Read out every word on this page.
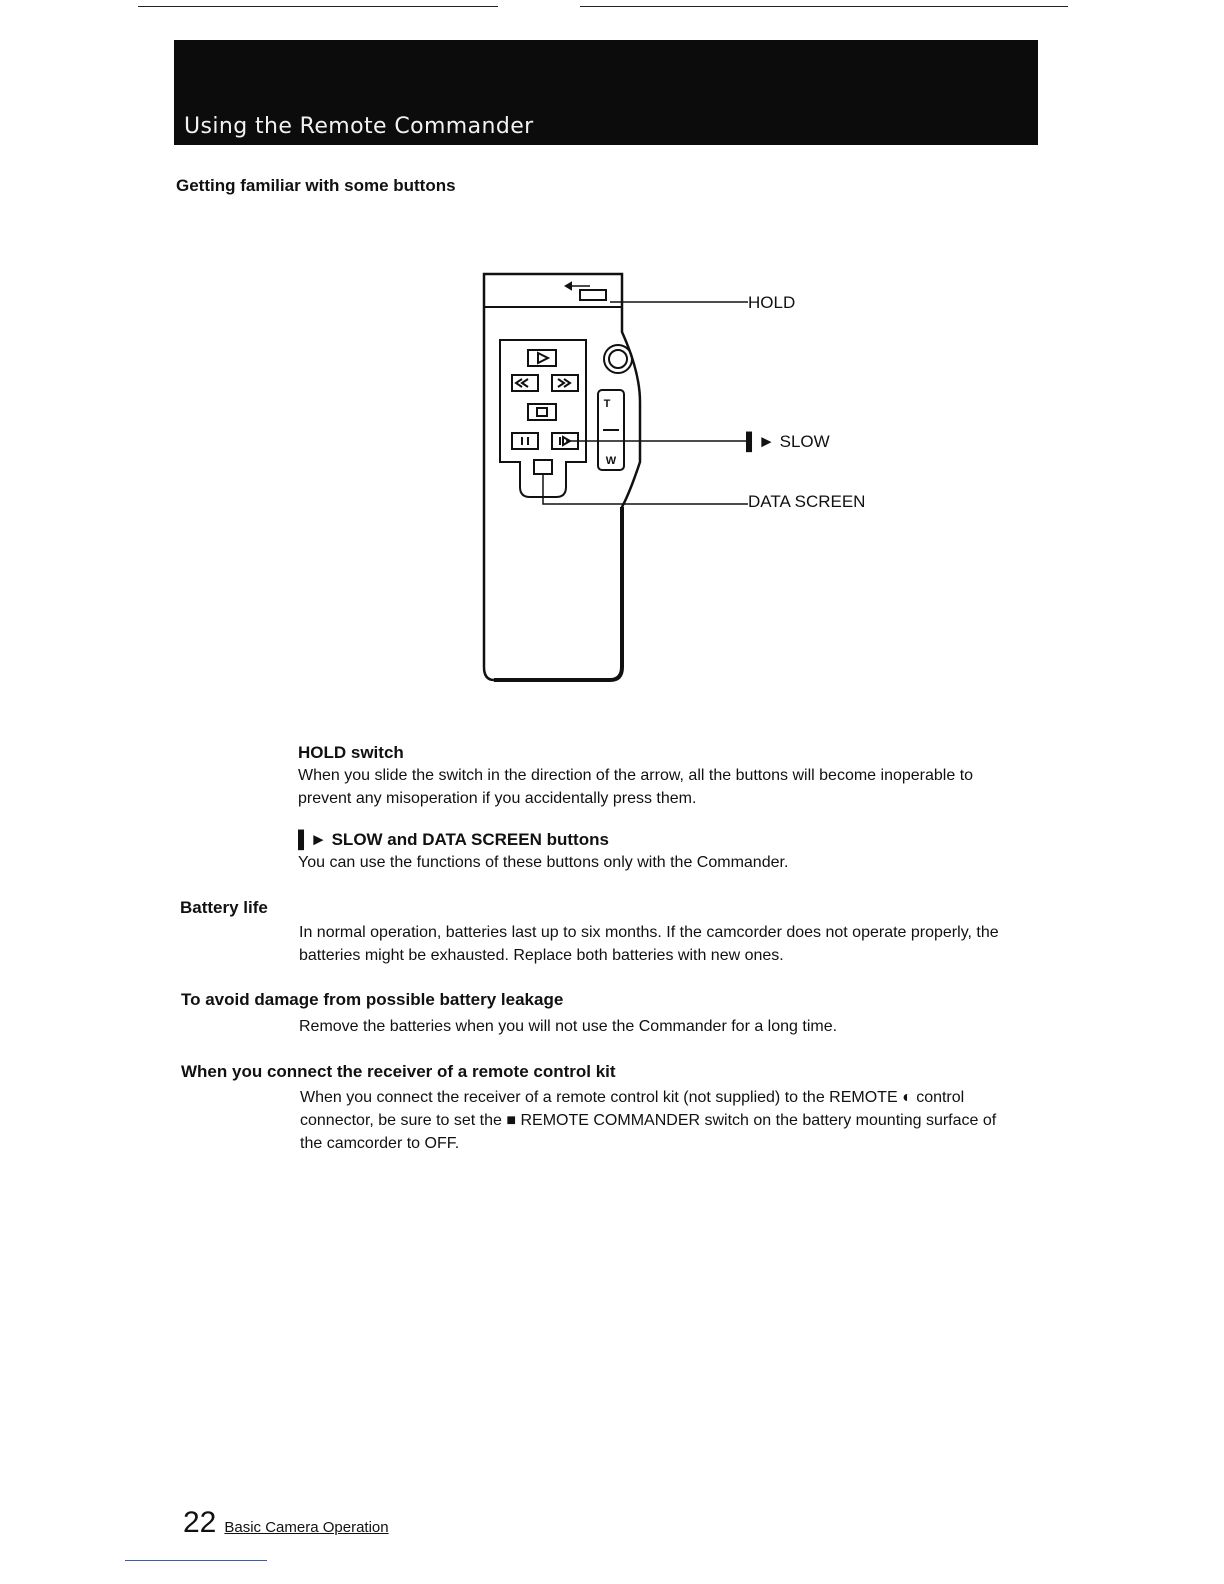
Using the Remote Commander
Getting familiar with some buttons
T
W
HOLD
▌► SLOW
DATA SCREEN
HOLD switch
When you slide the switch in the direction of the arrow, all the buttons will become inoperable to prevent any misoperation if you accidentally press them.
▌► SLOW and DATA SCREEN buttons
You can use the functions of these buttons only with the Commander.
Battery life
In normal operation, batteries last up to six months. If the camcorder does not operate properly, the batteries might be exhausted. Replace both batteries with new ones.
To avoid damage from possible battery leakage
Remove the batteries when you will not use the Commander for a long time.
When you connect the receiver of a remote control kit
When you connect the receiver of a remote control kit (not supplied) to the REMOTE ◐ control connector, be sure to set the ■ REMOTE COMMANDER switch on the battery mounting surface of the camcorder to OFF.
22 Basic Camera Operation
